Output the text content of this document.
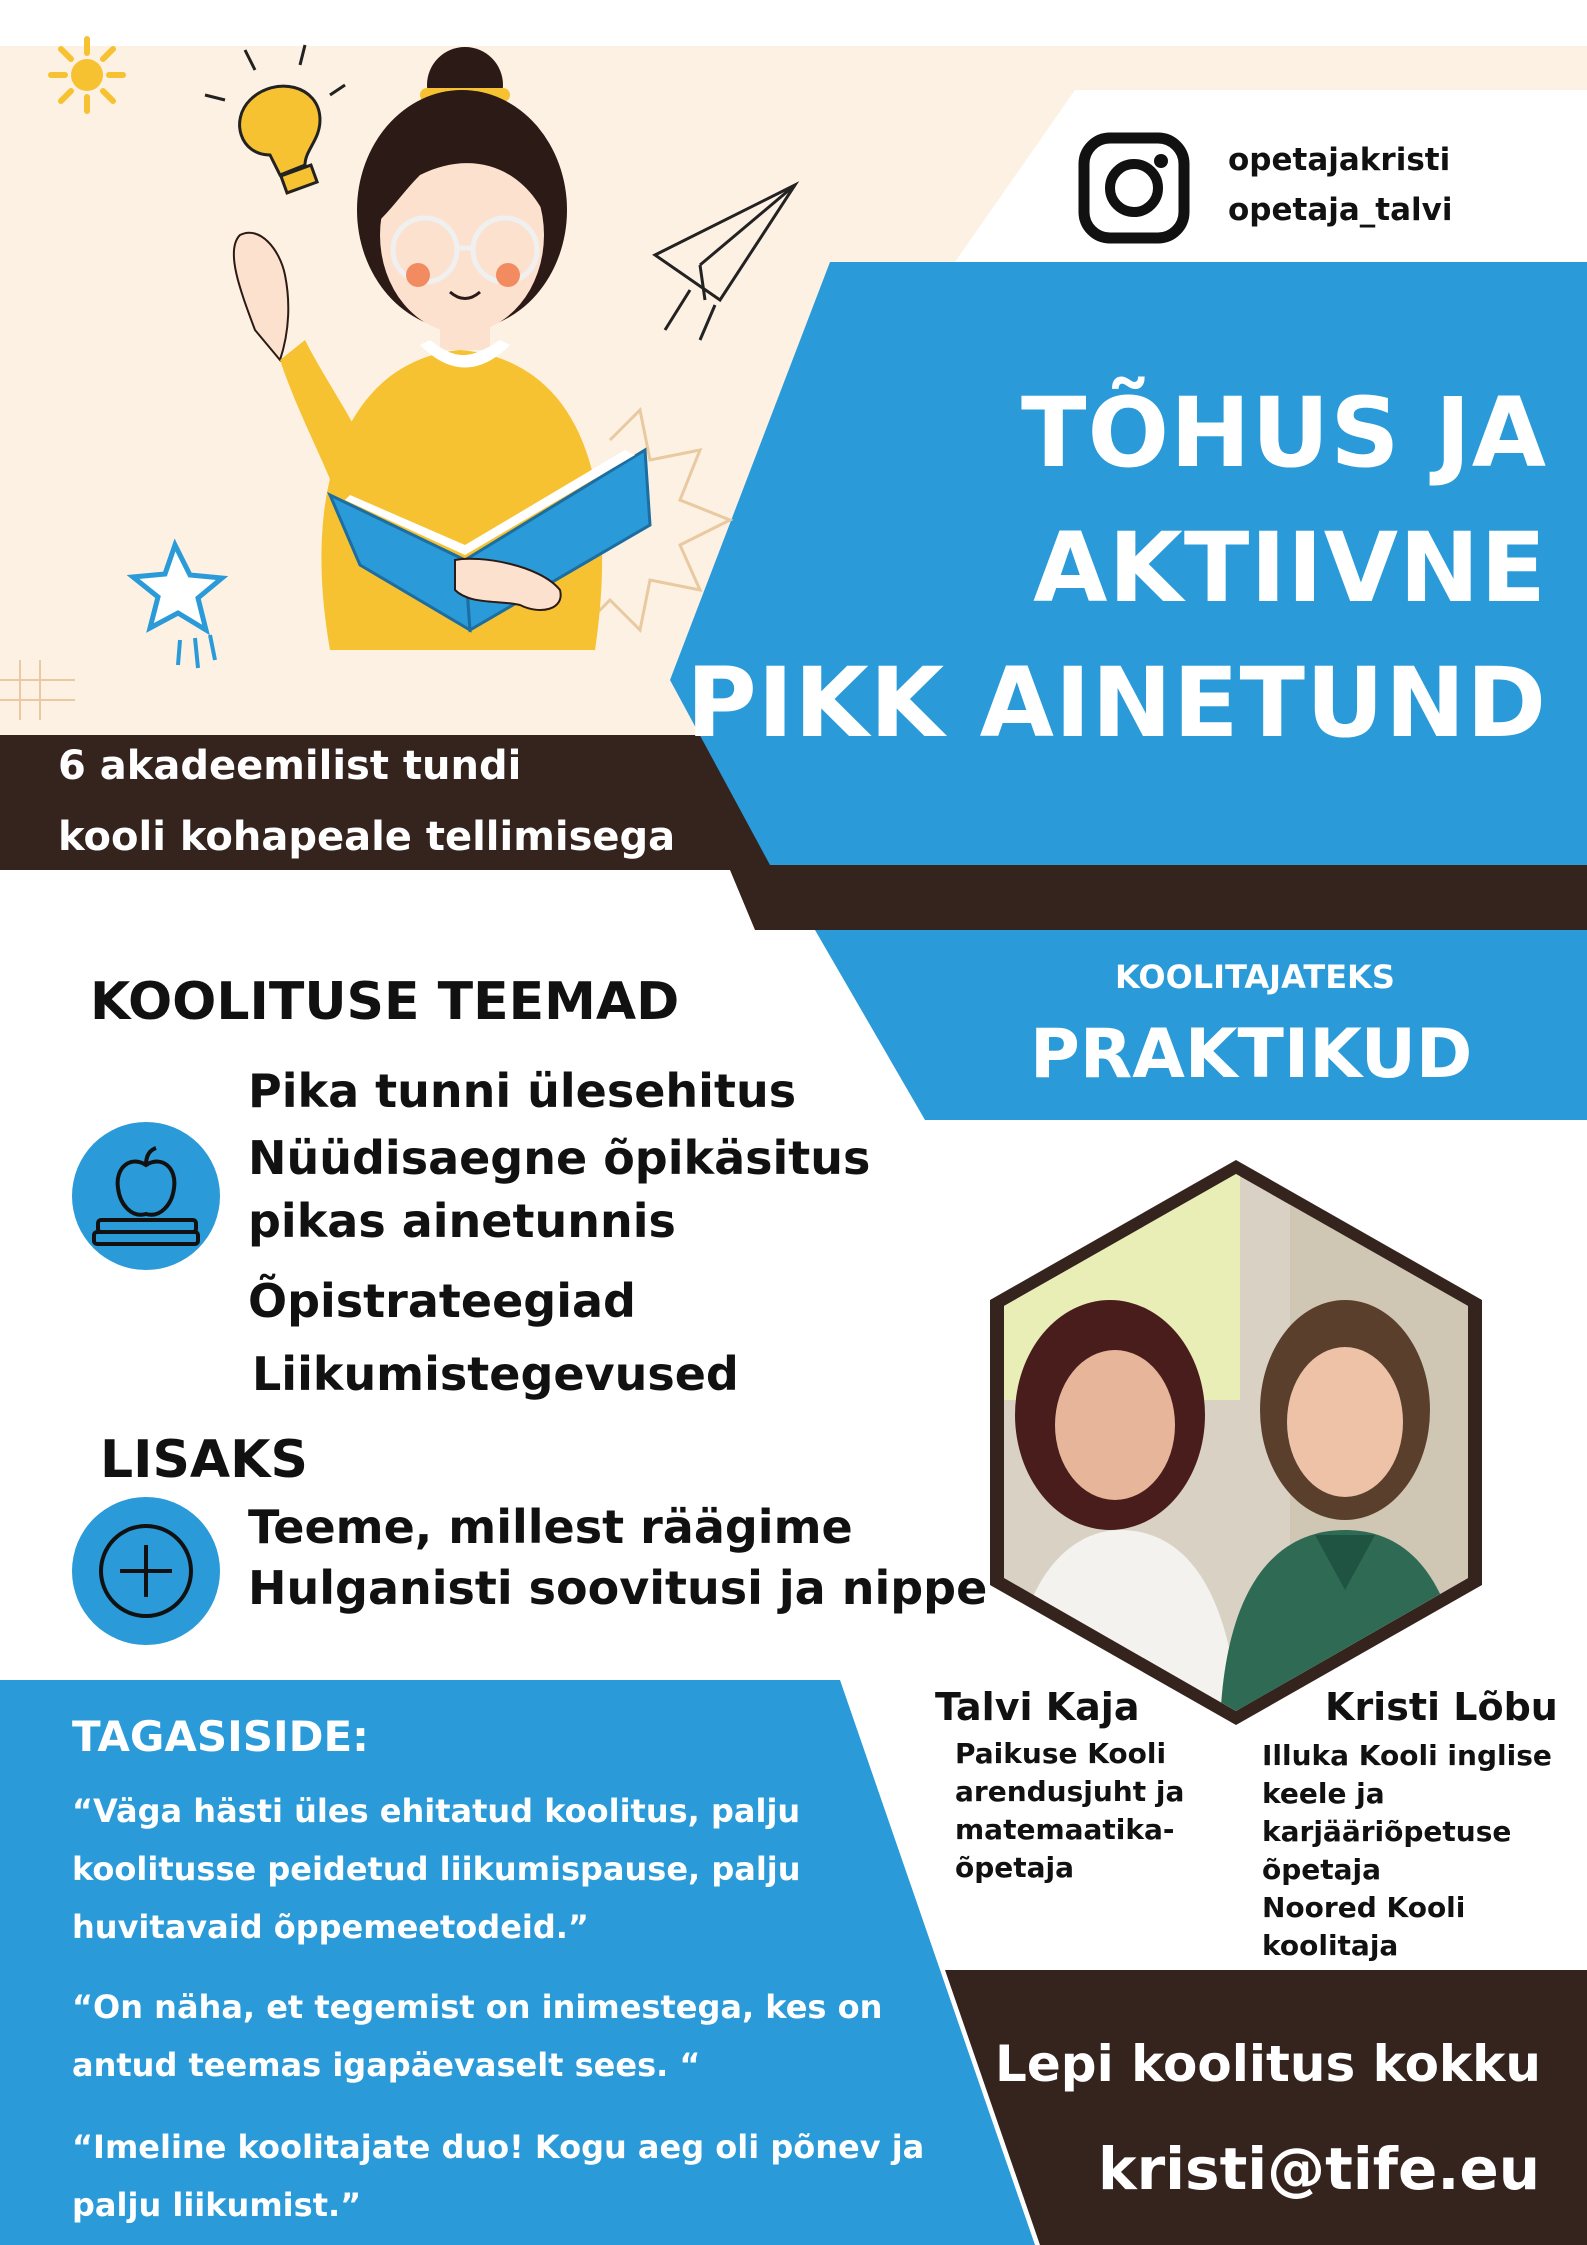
opetajakristi
opetaja_talvi
TÕHUS JA
AKTIIVNE
PIKK AINETUND
6 akadeemilist tundi
kooli kohapeale tellimisega
KOOLITAJATEKS
PRAKTIKUD
KOOLITUSE TEEMAD
Pika tunni ülesehitus
Nüüdisaegne õpikäsitus
pikas ainetunnis
Õpistrateegiad
Liikumistegevused
LISAKS
Teeme, millest räägime
Hulganisti soovitusi ja nippe
Talvi Kaja
Paikuse Kooli
arendusjuht ja
matemaatika-
õpetaja
Kristi Lõbu
Illuka Kooli inglise
keele ja
karjääriõpetuse
õpetaja
Noored Kooli
koolitaja
TAGASISIDE:
“Väga hästi üles ehitatud koolitus, palju
koolitusse peidetud liikumispause, palju
huvitavaid õppemeetodeid.”
“On näha, et tegemist on inimestega, kes on
antud teemas igapäevaselt sees. “
“Imeline koolitajate duo! Kogu aeg oli põnev ja
palju liikumist.”
Lepi koolitus kokku
kristi@tife.eu
